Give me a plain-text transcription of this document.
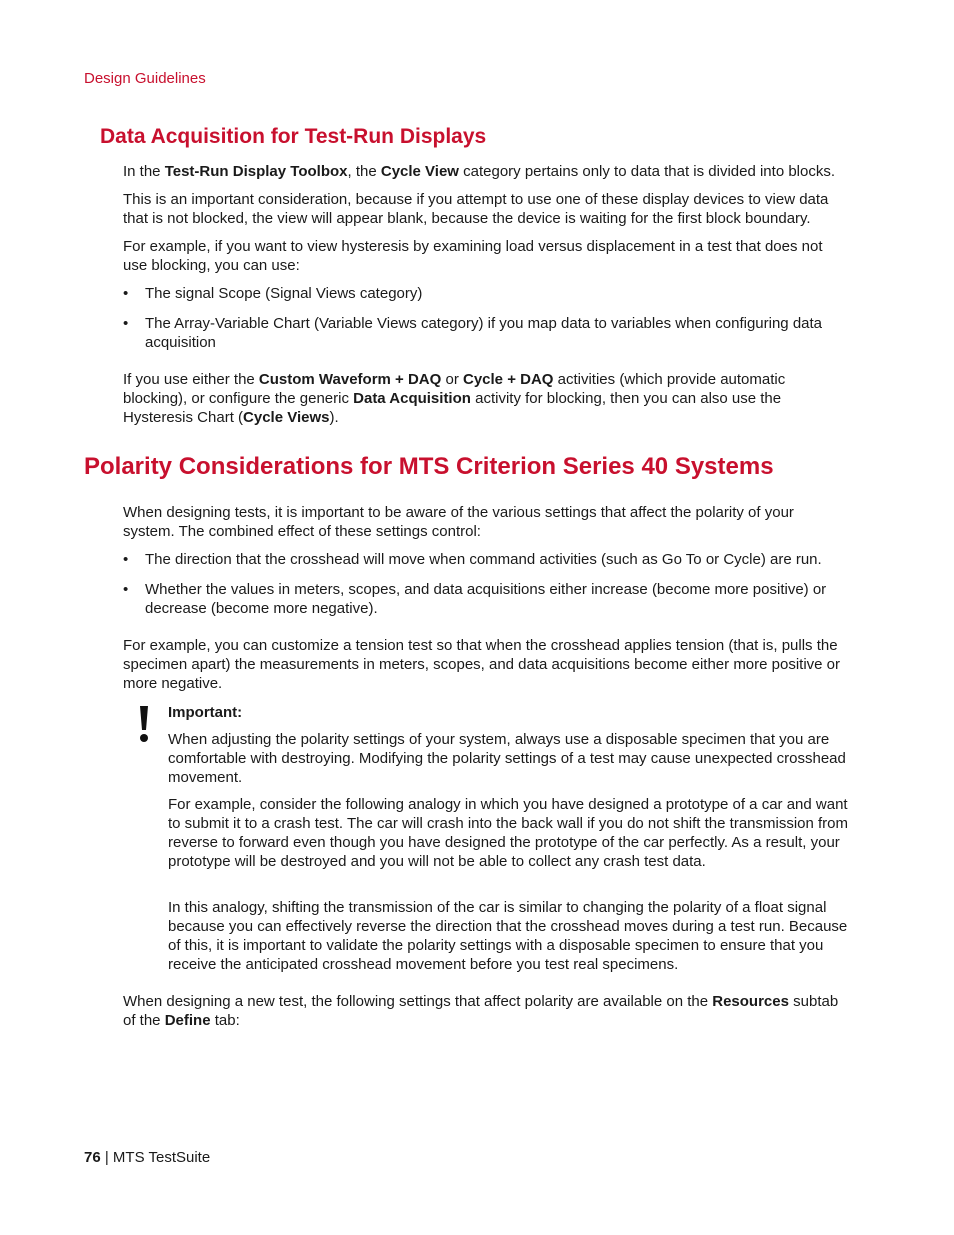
Design Guidelines
Data Acquisition for Test-Run Displays

In the Test-Run Display Toolbox, the Cycle View category pertains only to data that is divided into blocks.

This is an important consideration, because if you attempt to use one of these display devices to view data that is not blocked, the view will appear blank, because the device is waiting for the first block boundary.

For example, if you want to view hysteresis by examining load versus displacement in a test that does not use blocking, you can use:

• The signal Scope (Signal Views category)
• The Array-Variable Chart (Variable Views category) if you map data to variables when configuring data acquisition

If you use either the Custom Waveform + DAQ or Cycle + DAQ activities (which provide automatic blocking), or configure the generic Data Acquisition activity for blocking, then you can also use the Hysteresis Chart (Cycle Views).

Polarity Considerations for MTS Criterion Series 40 Systems

When designing tests, it is important to be aware of the various settings that affect the polarity of your system. The combined effect of these settings control:

• The direction that the crosshead will move when command activities (such as Go To or Cycle) are run.
• Whether the values in meters, scopes, and data acquisitions either increase (become more positive) or decrease (become more negative).

For example, you can customize a tension test so that when the crosshead applies tension (that is, pulls the specimen apart) the measurements in meters, scopes, and data acquisitions become either more positive or more negative.

Important:

When adjusting the polarity settings of your system, always use a disposable specimen that you are comfortable with destroying. Modifying the polarity settings of a test may cause unexpected crosshead movement.

For example, consider the following analogy in which you have designed a prototype of a car and want to submit it to a crash test. The car will crash into the back wall if you do not shift the transmission from reverse to forward even though you have designed the prototype of the car perfectly. As a result, your prototype will be destroyed and you will not be able to collect any crash test data.

In this analogy, shifting the transmission of the car is similar to changing the polarity of a float signal because you can effectively reverse the direction that the crosshead moves during a test run. Because of this, it is important to validate the polarity settings with a disposable specimen to ensure that you receive the anticipated crosshead movement before you test real specimens.

When designing a new test, the following settings that affect polarity are available on the Resources subtab of the Define tab:

76 | MTS TestSuite
